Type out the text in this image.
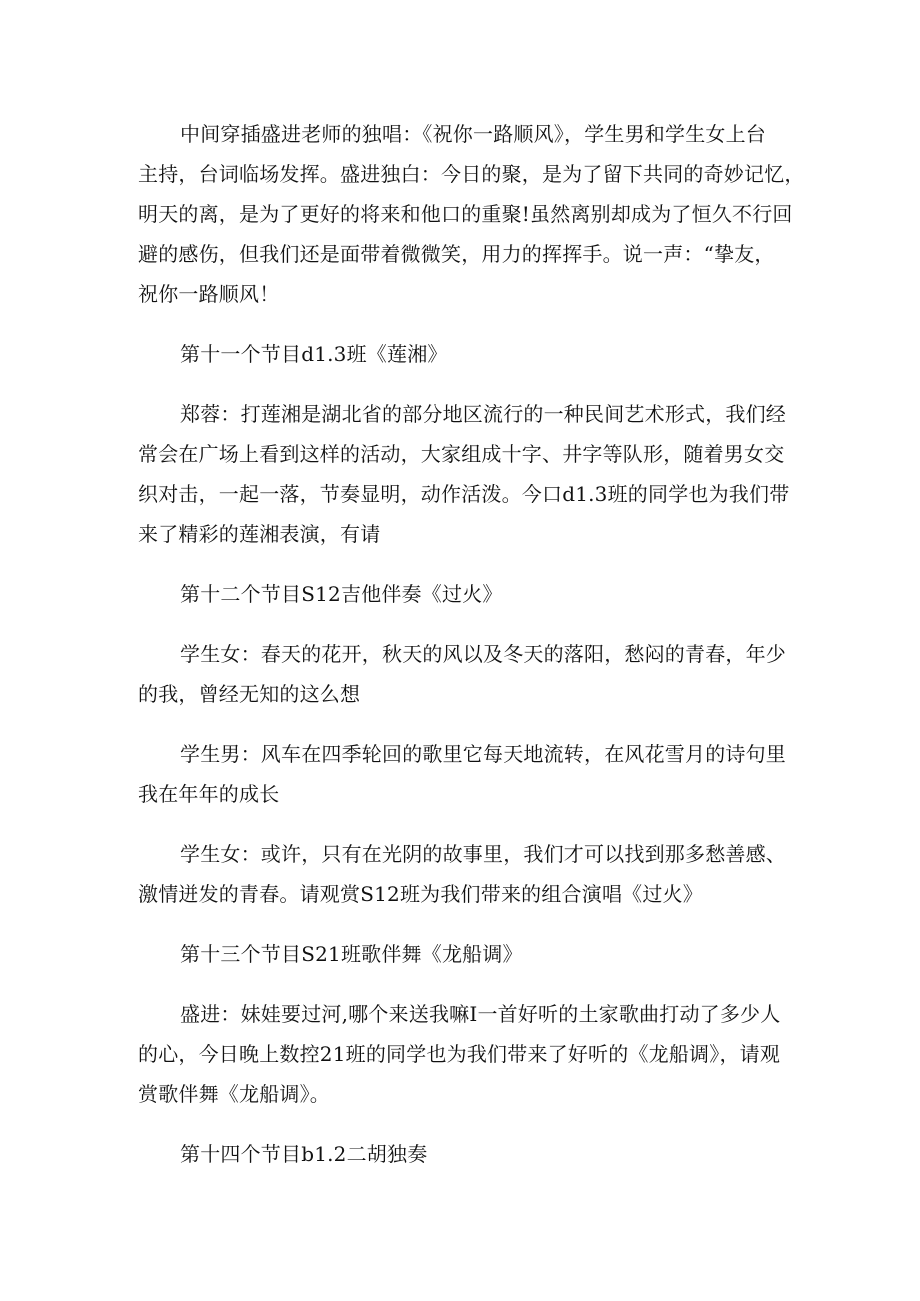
中间穿插盛进老师的独唱：《祝你一路顺风》，学生男和学生女上台
主持，台词临场发挥。盛进独白：今日的聚，是为了留下共同的奇妙记忆，
明天的离，是为了更好的将来和他口的重聚!虽然离别却成为了恒久不行回
避的感伤，但我们还是面带着微微笑，用力的挥挥手。说一声：“挚友，
祝你一路顺风！

第十一个节目d1.3班《莲湘》

郑蓉：打莲湘是湖北省的部分地区流行的一种民间艺术形式，我们经
常会在广场上看到这样的活动，大家组成十字、井字等队形，随着男女交
织对击，一起一落，节奏显明，动作活泼。今口d1.3班的同学也为我们带
来了精彩的莲湘表演，有请

第十二个节目S12吉他伴奏《过火》

学生女：春天的花开，秋天的风以及冬天的落阳，愁闷的青春，年少
的我，曾经无知的这么想

学生男：风车在四季轮回的歌里它每天地流转，在风花雪月的诗句里
我在年年的成长

学生女：或许，只有在光阴的故事里，我们才可以找到那多愁善感、
激情迸发的青春。请观赏S12班为我们带来的组合演唱《过火》

第十三个节目S21班歌伴舞《龙船调》

盛进：妹娃要过河,哪个来送我嘛I一首好听的土家歌曲打动了多少人
的心，今日晚上数控21班的同学也为我们带来了好听的《龙船调》，请观
赏歌伴舞《龙船调》。

第十四个节目b1.2二胡独奏
